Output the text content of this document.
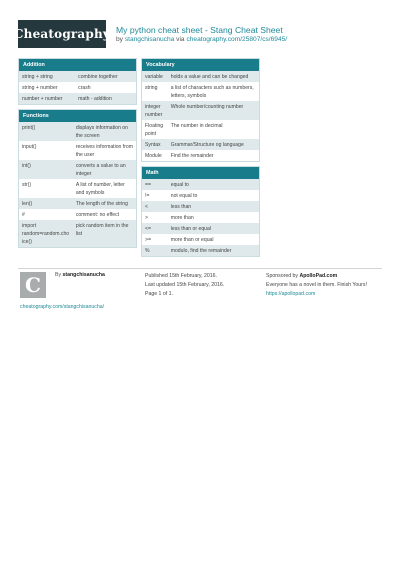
Cheatography My python cheat sheet - Stang Cheat Sheet
by stangchisanucha via cheatography.com/25807/cs/6945/
Addition
string + string	combine together
string + number	crash
number + number	math - addition
Functions
print()	displays information on the screen
input()	receives information from the user
int()	converts a value to an integer
str()	A list of number, letter and symbols
len()	The length of the string
#	comment: no effect
import random=random.choice()	pick random item in the list
Vocabulary
variable	holds a value and can be changed
string	a list of characters such as numbers, letters, symbols
integer number	Whole number/counting number
Floating point	The number in decimal
Syntax	Grammar/Structure og language
Module	Find the remainder
Math
==	equal to
!=	not equal to
<	less than
>	more than
<=	less than or equal
>=	more than or equal
%	modulo, find the remainder
C	By stangchisanucha
cheatography.com/stangchisanucha/
Published 15th February, 2016.
Last updated 15th February, 2016.
Page 1 of 1.
Sponsored by ApolloPad.com
Everyone has a novel in them. Finish Yours!
https://apollopad.com
